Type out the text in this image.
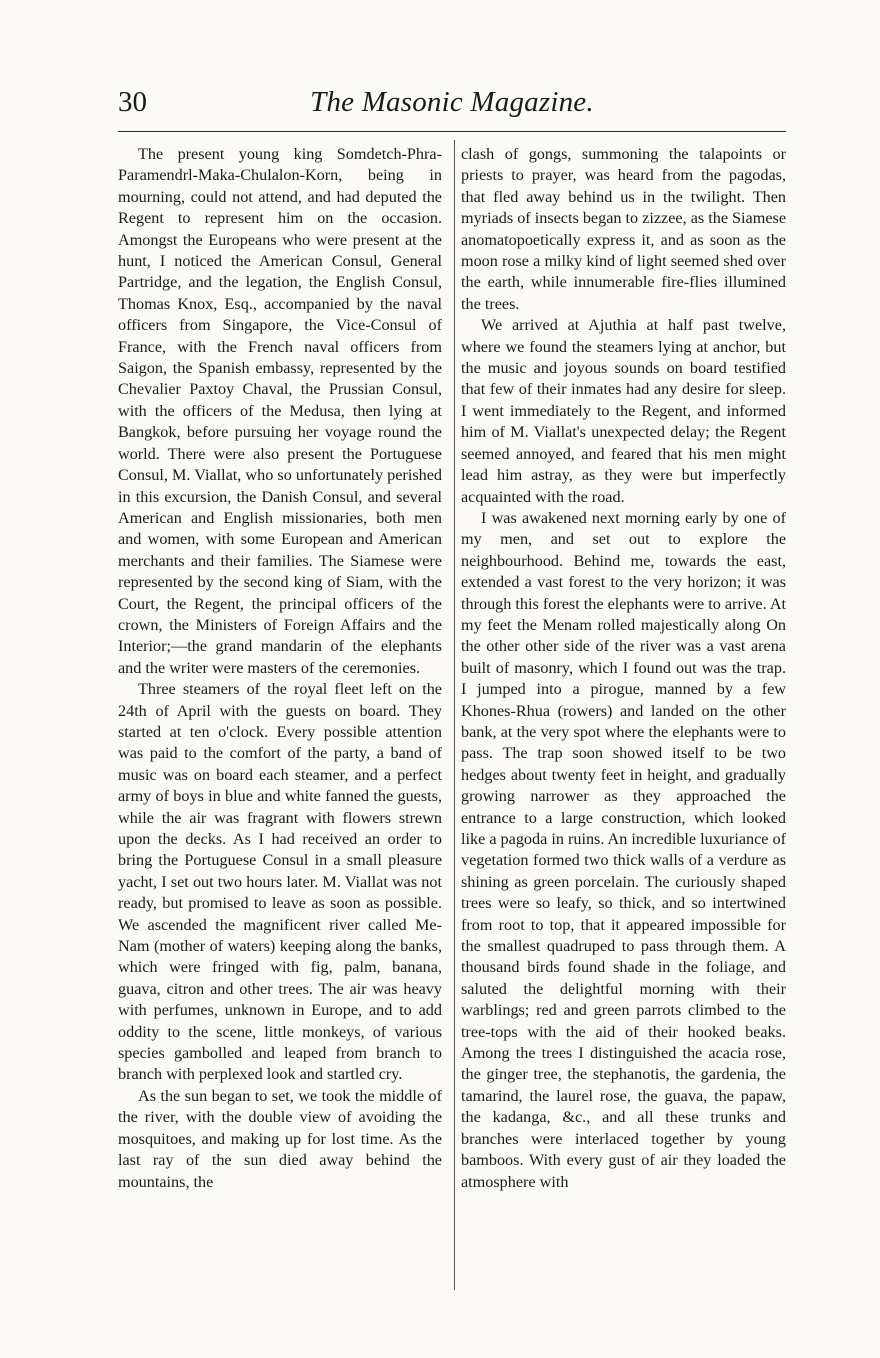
30	The Masonic Magazine.

The present young king Somdetch-Phra-Paramendrl-Maka-Chulalon-Korn, being in mourning, could not attend, and had deputed the Regent to represent him on the occasion. Amongst the Europeans who were present at the hunt, I noticed the American Consul, General Partridge, and the legation, the English Consul, Thomas Knox, Esq., accompanied by the naval officers from Singapore, the Vice-Consul of France, with the French naval officers from Saigon, the Spanish embassy, represented by the Chevalier Paxtoy Chaval, the Prussian Consul, with the officers of the Medusa, then lying at Bangkok, before pursuing her voyage round the world. There were also present the Portuguese Consul, M. Viallat, who so unfortunately perished in this excursion, the Danish Consul, and several American and English missionaries, both men and women, with some European and American merchants and their families. The Siamese were represented by the second king of Siam, with the Court, the Regent, the principal officers of the crown, the Ministers of Foreign Affairs and the Interior;—the grand mandarin of the elephants and the writer were masters of the ceremonies.

Three steamers of the royal fleet left on the 24th of April with the guests on board. They started at ten o'clock. Every possible attention was paid to the comfort of the party, a band of music was on board each steamer, and a perfect army of boys in blue and white fanned the guests, while the air was fragrant with flowers strewn upon the decks. As I had received an order to bring the Portuguese Consul in a small pleasure yacht, I set out two hours later. M. Viallat was not ready, but promised to leave as soon as possible. We ascended the magnificent river called Me-Nam (mother of waters) keeping along the banks, which were fringed with fig, palm, banana, guava, citron and other trees. The air was heavy with perfumes, unknown in Europe, and to add oddity to the scene, little monkeys, of various species gambolled and leaped from branch to branch with perplexed look and startled cry.

As the sun began to set, we took the middle of the river, with the double view of avoiding the mosquitoes, and making up for lost time. As the last ray of the sun died away behind the mountains, the

clash of gongs, summoning the talapoints or priests to prayer, was heard from the pagodas, that fled away behind us in the twilight. Then myriads of insects began to zizzee, as the Siamese anomatopoetically express it, and as soon as the moon rose a milky kind of light seemed shed over the earth, while innumerable fire-flies illumined the trees.

We arrived at Ajuthia at half past twelve, where we found the steamers lying at anchor, but the music and joyous sounds on board testified that few of their inmates had any desire for sleep. I went immediately to the Regent, and informed him of M. Viallat's unexpected delay; the Regent seemed annoyed, and feared that his men might lead him astray, as they were but imperfectly acquainted with the road.

I was awakened next morning early by one of my men, and set out to explore the neighbourhood. Behind me, towards the east, extended a vast forest to the very horizon; it was through this forest the elephants were to arrive. At my feet the Menam rolled majestically along On the other other side of the river was a vast arena built of masonry, which I found out was the trap. I jumped into a pirogue, manned by a few Khones-Rhua (rowers) and landed on the other bank, at the very spot where the elephants were to pass. The trap soon showed itself to be two hedges about twenty feet in height, and gradually growing narrower as they approached the entrance to a large construction, which looked like a pagoda in ruins. An incredible luxuriance of vegetation formed two thick walls of a verdure as shining as green porcelain. The curiously shaped trees were so leafy, so thick, and so intertwined from root to top, that it appeared impossible for the smallest quadruped to pass through them. A thousand birds found shade in the foliage, and saluted the delightful morning with their warblings; red and green parrots climbed to the tree-tops with the aid of their hooked beaks. Among the trees I distinguished the acacia rose, the ginger tree, the stephanotis, the gardenia, the tamarind, the laurel rose, the guava, the papaw, the kadanga, &c., and all these trunks and branches were interlaced together by young bamboos. With every gust of air they loaded the atmosphere with
